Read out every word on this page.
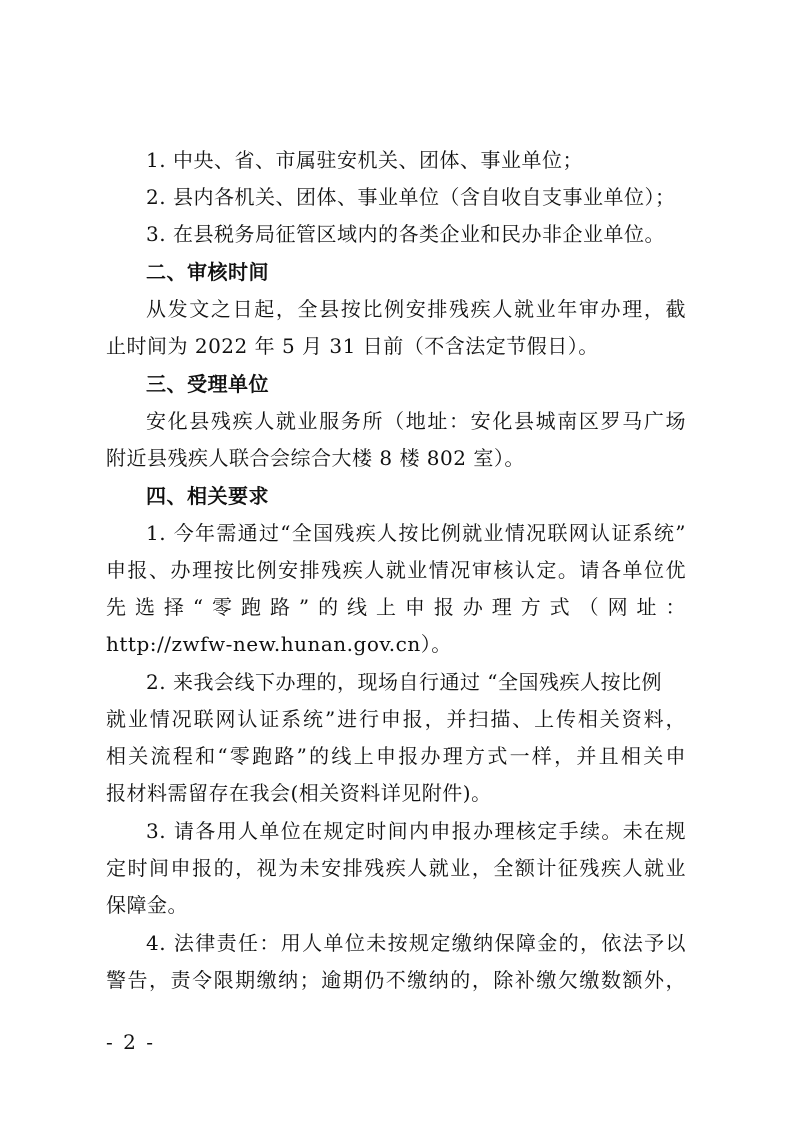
1. 中央、省、市属驻安机关、团体、事业单位；
2. 县内各机关、团体、事业单位（含自收自支事业单位）；
3. 在县税务局征管区域内的各类企业和民办非企业单位。
二、审核时间
从发文之日起，全县按比例安排残疾人就业年审办理，截
止时间为 2022 年 5 月 31 日前（不含法定节假日）。
三、受理单位
安化县残疾人就业服务所（地址：安化县城南区罗马广场
附近县残疾人联合会综合大楼 8 楼 802 室）。
四、相关要求
1. 今年需通过“全国残疾人按比例就业情况联网认证系统”
申报、办理按比例安排残疾人就业情况审核认定。请各单位优
先选择“零跑路”的线上申报办理方式（网址：
http://zwfw-new.hunan.gov.cn）。
2. 来我会线下办理的，现场自行通过 “全国残疾人按比例
就业情况联网认证系统”进行申报，并扫描、上传相关资料，
相关流程和“零跑路”的线上申报办理方式一样，并且相关申
报材料需留存在我会(相关资料详见附件)。
3. 请各用人单位在规定时间内申报办理核定手续。未在规
定时间申报的，视为未安排残疾人就业，全额计征残疾人就业
保障金。
4. 法律责任：用人单位未按规定缴纳保障金的，依法予以
警告，责令限期缴纳；逾期仍不缴纳的，除补缴欠缴数额外，
- 2 -
